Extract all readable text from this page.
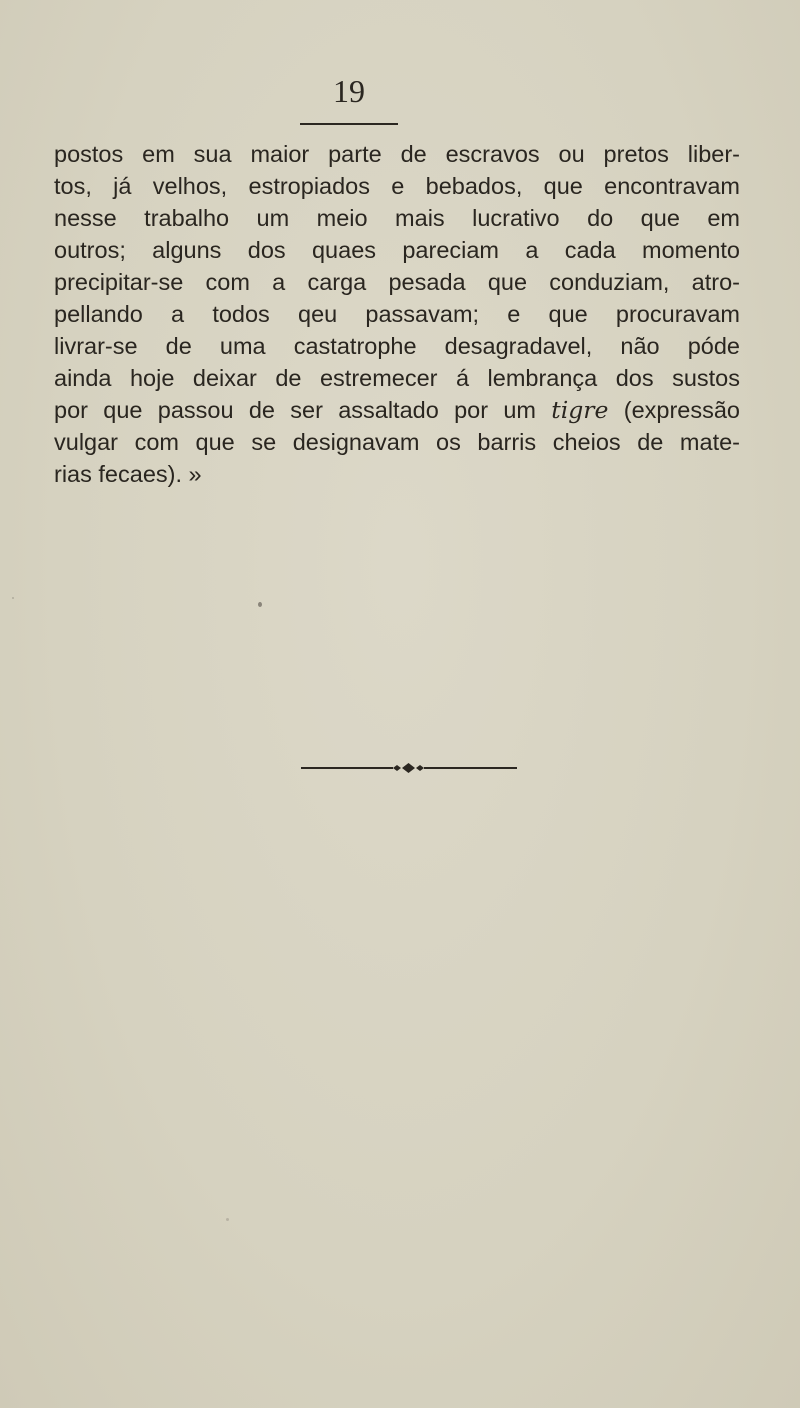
19
postos em sua maior parte de escravos ou pretos liber-
tos, já velhos, estropiados e bebados, que encontravam
nesse trabalho um meio mais lucrativo do que em
outros; alguns dos quaes pareciam a cada momento
precipitar-se com a carga pesada que conduziam, atro-
pellando a todos qeu passavam; e que procuravam
livrar-se de uma castatrophe desagradavel, não póde
ainda hoje deixar de estremecer á lembrança dos sustos
por que passou de ser assaltado por um tigre (expressão
vulgar com que se designavam os barris cheios de mate-
rias fecaes). »
